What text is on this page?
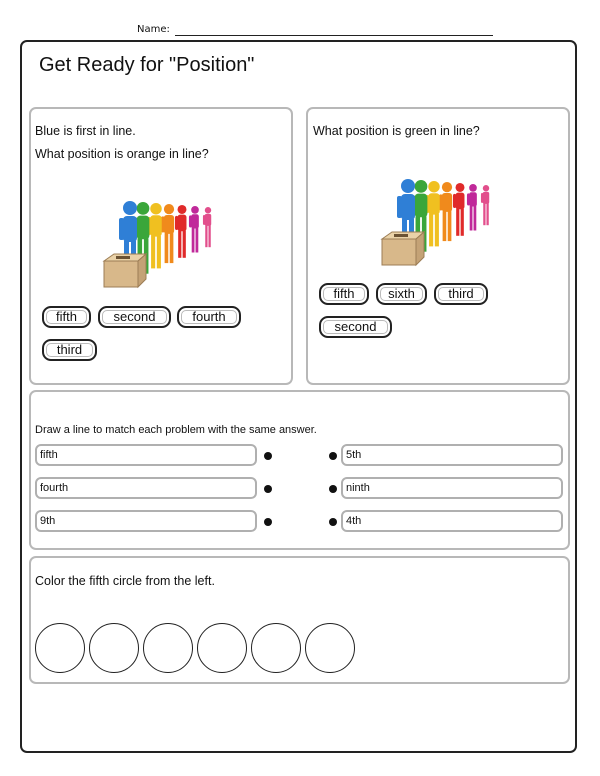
Name:
Get Ready for "Position"
Blue is first in line.
What position is orange in line?
fifth	second	fourth
third
What position is green in line?
fifth	sixth	third
second
Draw a line to match each problem with the same answer.
fifth
fourth
9th
5th
ninth
4th
Color the fifth circle from the left.
